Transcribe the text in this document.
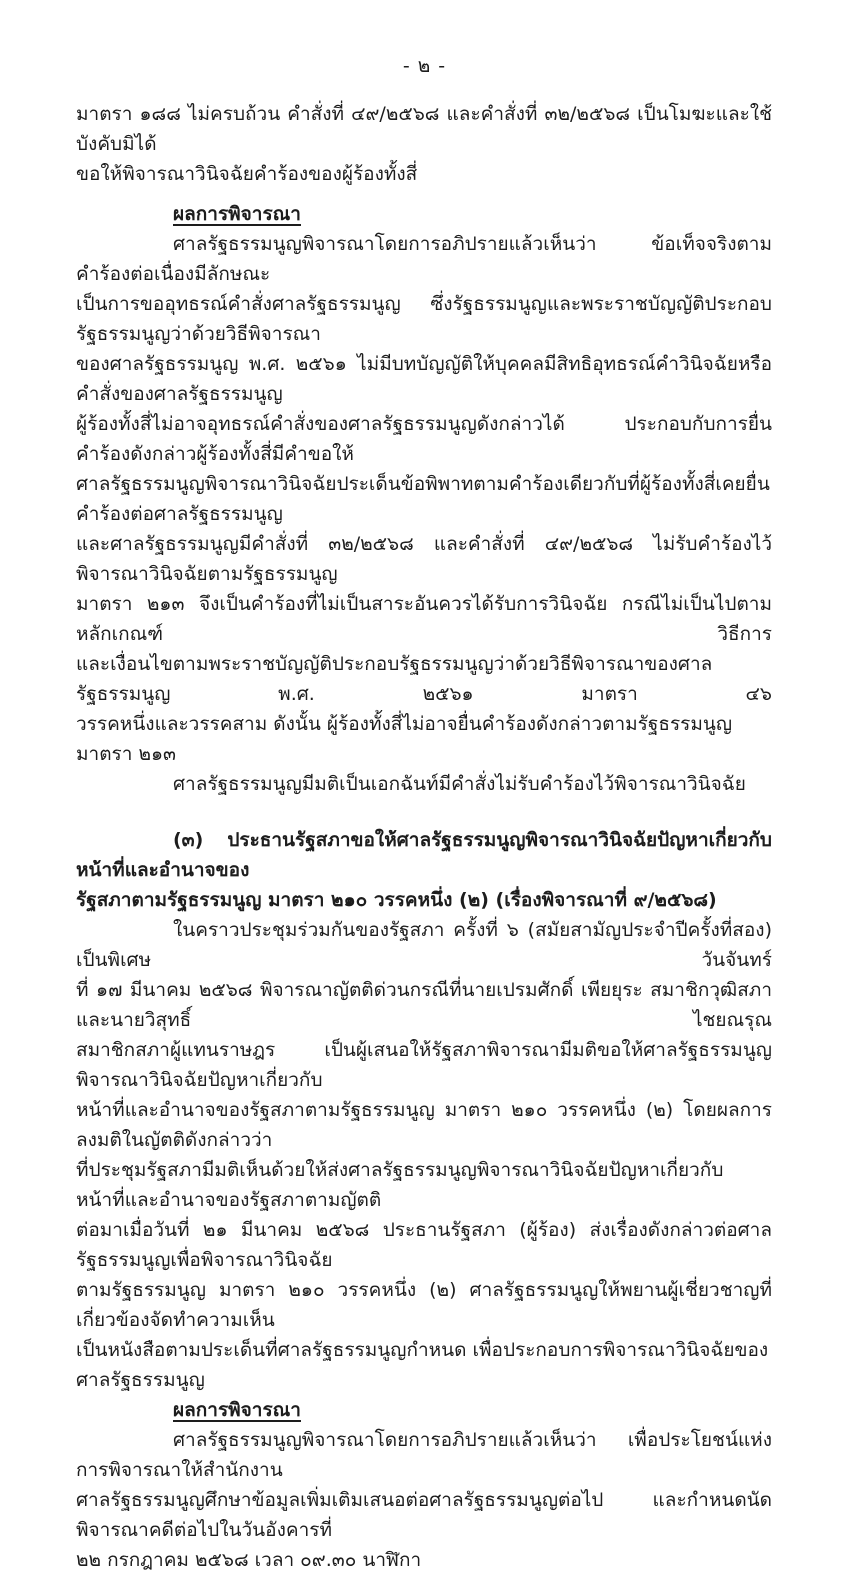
- ๒ -
มาตรา ๑๘๘ ไม่ครบถ้วน คำสั่งที่ ๔๙/๒๕๖๘ และคำสั่งที่ ๓๒/๒๕๖๘ เป็นโมฆะและใช้บังคับมิได้
ขอให้พิจารณาวินิจฉัยคำร้องของผู้ร้องทั้งสี่
ผลการพิจารณา
ศาลรัฐธรรมนูญพิจารณาโดยการอภิปรายแล้วเห็นว่า ข้อเท็จจริงตามคำร้องต่อเนื่องมีลักษณะ
เป็นการขออุทธรณ์คำสั่งศาลรัฐธรรมนูญ ซึ่งรัฐธรรมนูญและพระราชบัญญัติประกอบรัฐธรรมนูญว่าด้วยวิธีพิจารณา
ของศาลรัฐธรรมนูญ พ.ศ. ๒๕๖๑ ไม่มีบทบัญญัติให้บุคคลมีสิทธิอุทธรณ์คำวินิจฉัยหรือคำสั่งของศาลรัฐธรรมนูญ
ผู้ร้องทั้งสี่ไม่อาจอุทธรณ์คำสั่งของศาลรัฐธรรมนูญดังกล่าวได้ ประกอบกับการยื่นคำร้องดังกล่าวผู้ร้องทั้งสี่มีคำขอให้
ศาลรัฐธรรมนูญพิจารณาวินิจฉัยประเด็นข้อพิพาทตามคำร้องเดียวกับที่ผู้ร้องทั้งสี่เคยยื่นคำร้องต่อศาลรัฐธรรมนูญ
และศาลรัฐธรรมนูญมีคำสั่งที่ ๓๒/๒๕๖๘ และคำสั่งที่ ๔๙/๒๕๖๘ ไม่รับคำร้องไว้พิจารณาวินิจฉัยตามรัฐธรรมนูญ
มาตรา ๒๑๓ จึงเป็นคำร้องที่ไม่เป็นสาระอันควรได้รับการวินิจฉัย กรณีไม่เป็นไปตามหลักเกณฑ์ วิธีการ
และเงื่อนไขตามพระราชบัญญัติประกอบรัฐธรรมนูญว่าด้วยวิธีพิจารณาของศาลรัฐธรรมนูญ พ.ศ. ๒๕๖๑ มาตรา ๔๖
วรรคหนึ่งและวรรคสาม ดังนั้น ผู้ร้องทั้งสี่ไม่อาจยื่นคำร้องดังกล่าวตามรัฐธรรมนูญ มาตรา ๒๑๓
ศาลรัฐธรรมนูญมีมติเป็นเอกฉันท์มีคำสั่งไม่รับคำร้องไว้พิจารณาวินิจฉัย
(๓) ประธานรัฐสภาขอให้ศาลรัฐธรรมนูญพิจารณาวินิจฉัยปัญหาเกี่ยวกับหน้าที่และอำนาจของ
รัฐสภาตามรัฐธรรมนูญ มาตรา ๒๑๐ วรรคหนึ่ง (๒) (เรื่องพิจารณาที่ ๙/๒๕๖๘)
ในคราวประชุมร่วมกันของรัฐสภา ครั้งที่ ๖ (สมัยสามัญประจำปีครั้งที่สอง) เป็นพิเศษ วันจันทร์
ที่ ๑๗ มีนาคม ๒๕๖๘ พิจารณาญัตติด่วนกรณีที่นายเปรมศักดิ์ เพียยุระ สมาชิกวุฒิสภา และนายวิสุทธิ์ ไชยณรุณ
สมาชิกสภาผู้แทนราษฎร เป็นผู้เสนอให้รัฐสภาพิจารณามีมติขอให้ศาลรัฐธรรมนูญพิจารณาวินิจฉัยปัญหาเกี่ยวกับ
หน้าที่และอำนาจของรัฐสภาตามรัฐธรรมนูญ มาตรา ๒๑๐ วรรคหนึ่ง (๒) โดยผลการลงมติในญัตติดังกล่าวว่า
ที่ประชุมรัฐสภามีมติเห็นด้วยให้ส่งศาลรัฐธรรมนูญพิจารณาวินิจฉัยปัญหาเกี่ยวกับหน้าที่และอำนาจของรัฐสภาตามญัตติ
ต่อมาเมื่อวันที่ ๒๑ มีนาคม ๒๕๖๘ ประธานรัฐสภา (ผู้ร้อง) ส่งเรื่องดังกล่าวต่อศาลรัฐธรรมนูญเพื่อพิจารณาวินิจฉัย
ตามรัฐธรรมนูญ มาตรา ๒๑๐ วรรคหนึ่ง (๒) ศาลรัฐธรรมนูญให้พยานผู้เชี่ยวชาญที่เกี่ยวข้องจัดทำความเห็น
เป็นหนังสือตามประเด็นที่ศาลรัฐธรรมนูญกำหนด เพื่อประกอบการพิจารณาวินิจฉัยของศาลรัฐธรรมนูญ
ผลการพิจารณา
ศาลรัฐธรรมนูญพิจารณาโดยการอภิปรายแล้วเห็นว่า เพื่อประโยชน์แห่งการพิจารณาให้สำนักงาน
ศาลรัฐธรรมนูญศึกษาข้อมูลเพิ่มเติมเสนอต่อศาลรัฐธรรมนูญต่อไป และกำหนดนัดพิจารณาคดีต่อไปในวันอังคารที่
๒๒ กรกฎาคม ๒๕๖๘ เวลา ๐๙.๓๐ นาฬิกา
